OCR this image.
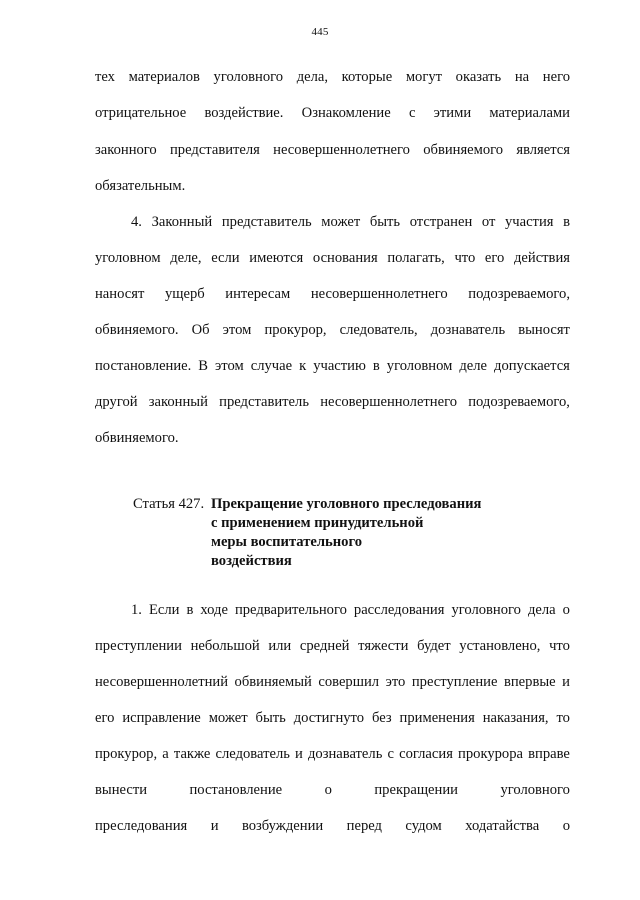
445
тех материалов уголовного дела, которые могут оказать на него
отрицательное воздействие. Ознакомление с этими материалами
законного представителя несовершеннолетнего обвиняемого является
обязательным.
4. Законный представитель может быть отстранен от участия в
уголовном деле, если имеются основания полагать, что его действия
наносят ущерб интересам несовершеннолетнего подозреваемого,
обвиняемого. Об этом прокурор, следователь, дознаватель выносят
постановление. В этом случае к участию в уголовном деле допускается
другой законный представитель несовершеннолетнего подозреваемого,
обвиняемого.
Статья 427. Прекращение уголовного преследования
с применением принудительной
меры воспитательного
воздействия
1. Если в ходе предварительного расследования уголовного дела о
преступлении небольшой или средней тяжести будет установлено, что
несовершеннолетний обвиняемый совершил это преступление впервые и
его исправление может быть достигнуто без применения наказания, то
прокурор, а также следователь и дознаватель с согласия прокурора вправе
вынести	постановление	о	прекращении	уголовного
преследования и возбуждении перед судом ходатайства о
